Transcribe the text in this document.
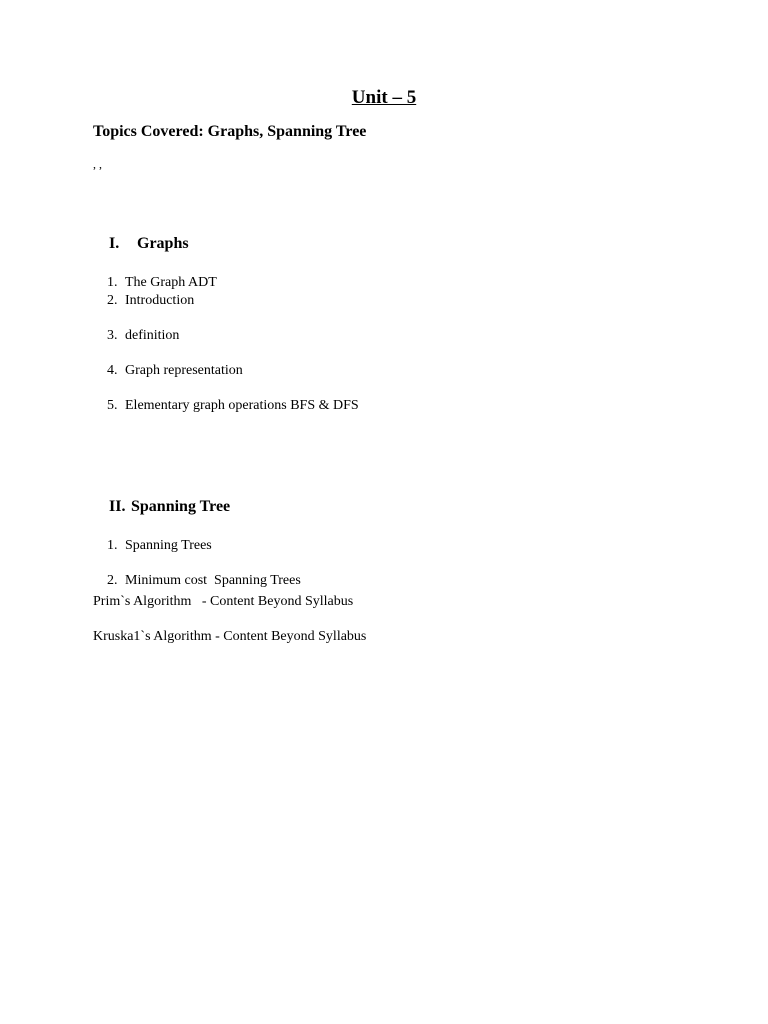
Unit – 5
Topics Covered: Graphs, Spanning Tree
, ,

I. Graphs

1. The Graph ADT

2. Introduction

3. definition

4. Graph representation

5. Elementary graph operations BFS & DFS

II. Spanning Tree

1. Spanning Trees

2. Minimum cost  Spanning Trees

Prim`s Algorithm   - Content Beyond Syllabus
Kruska1`s Algorithm - Content Beyond Syllabus
